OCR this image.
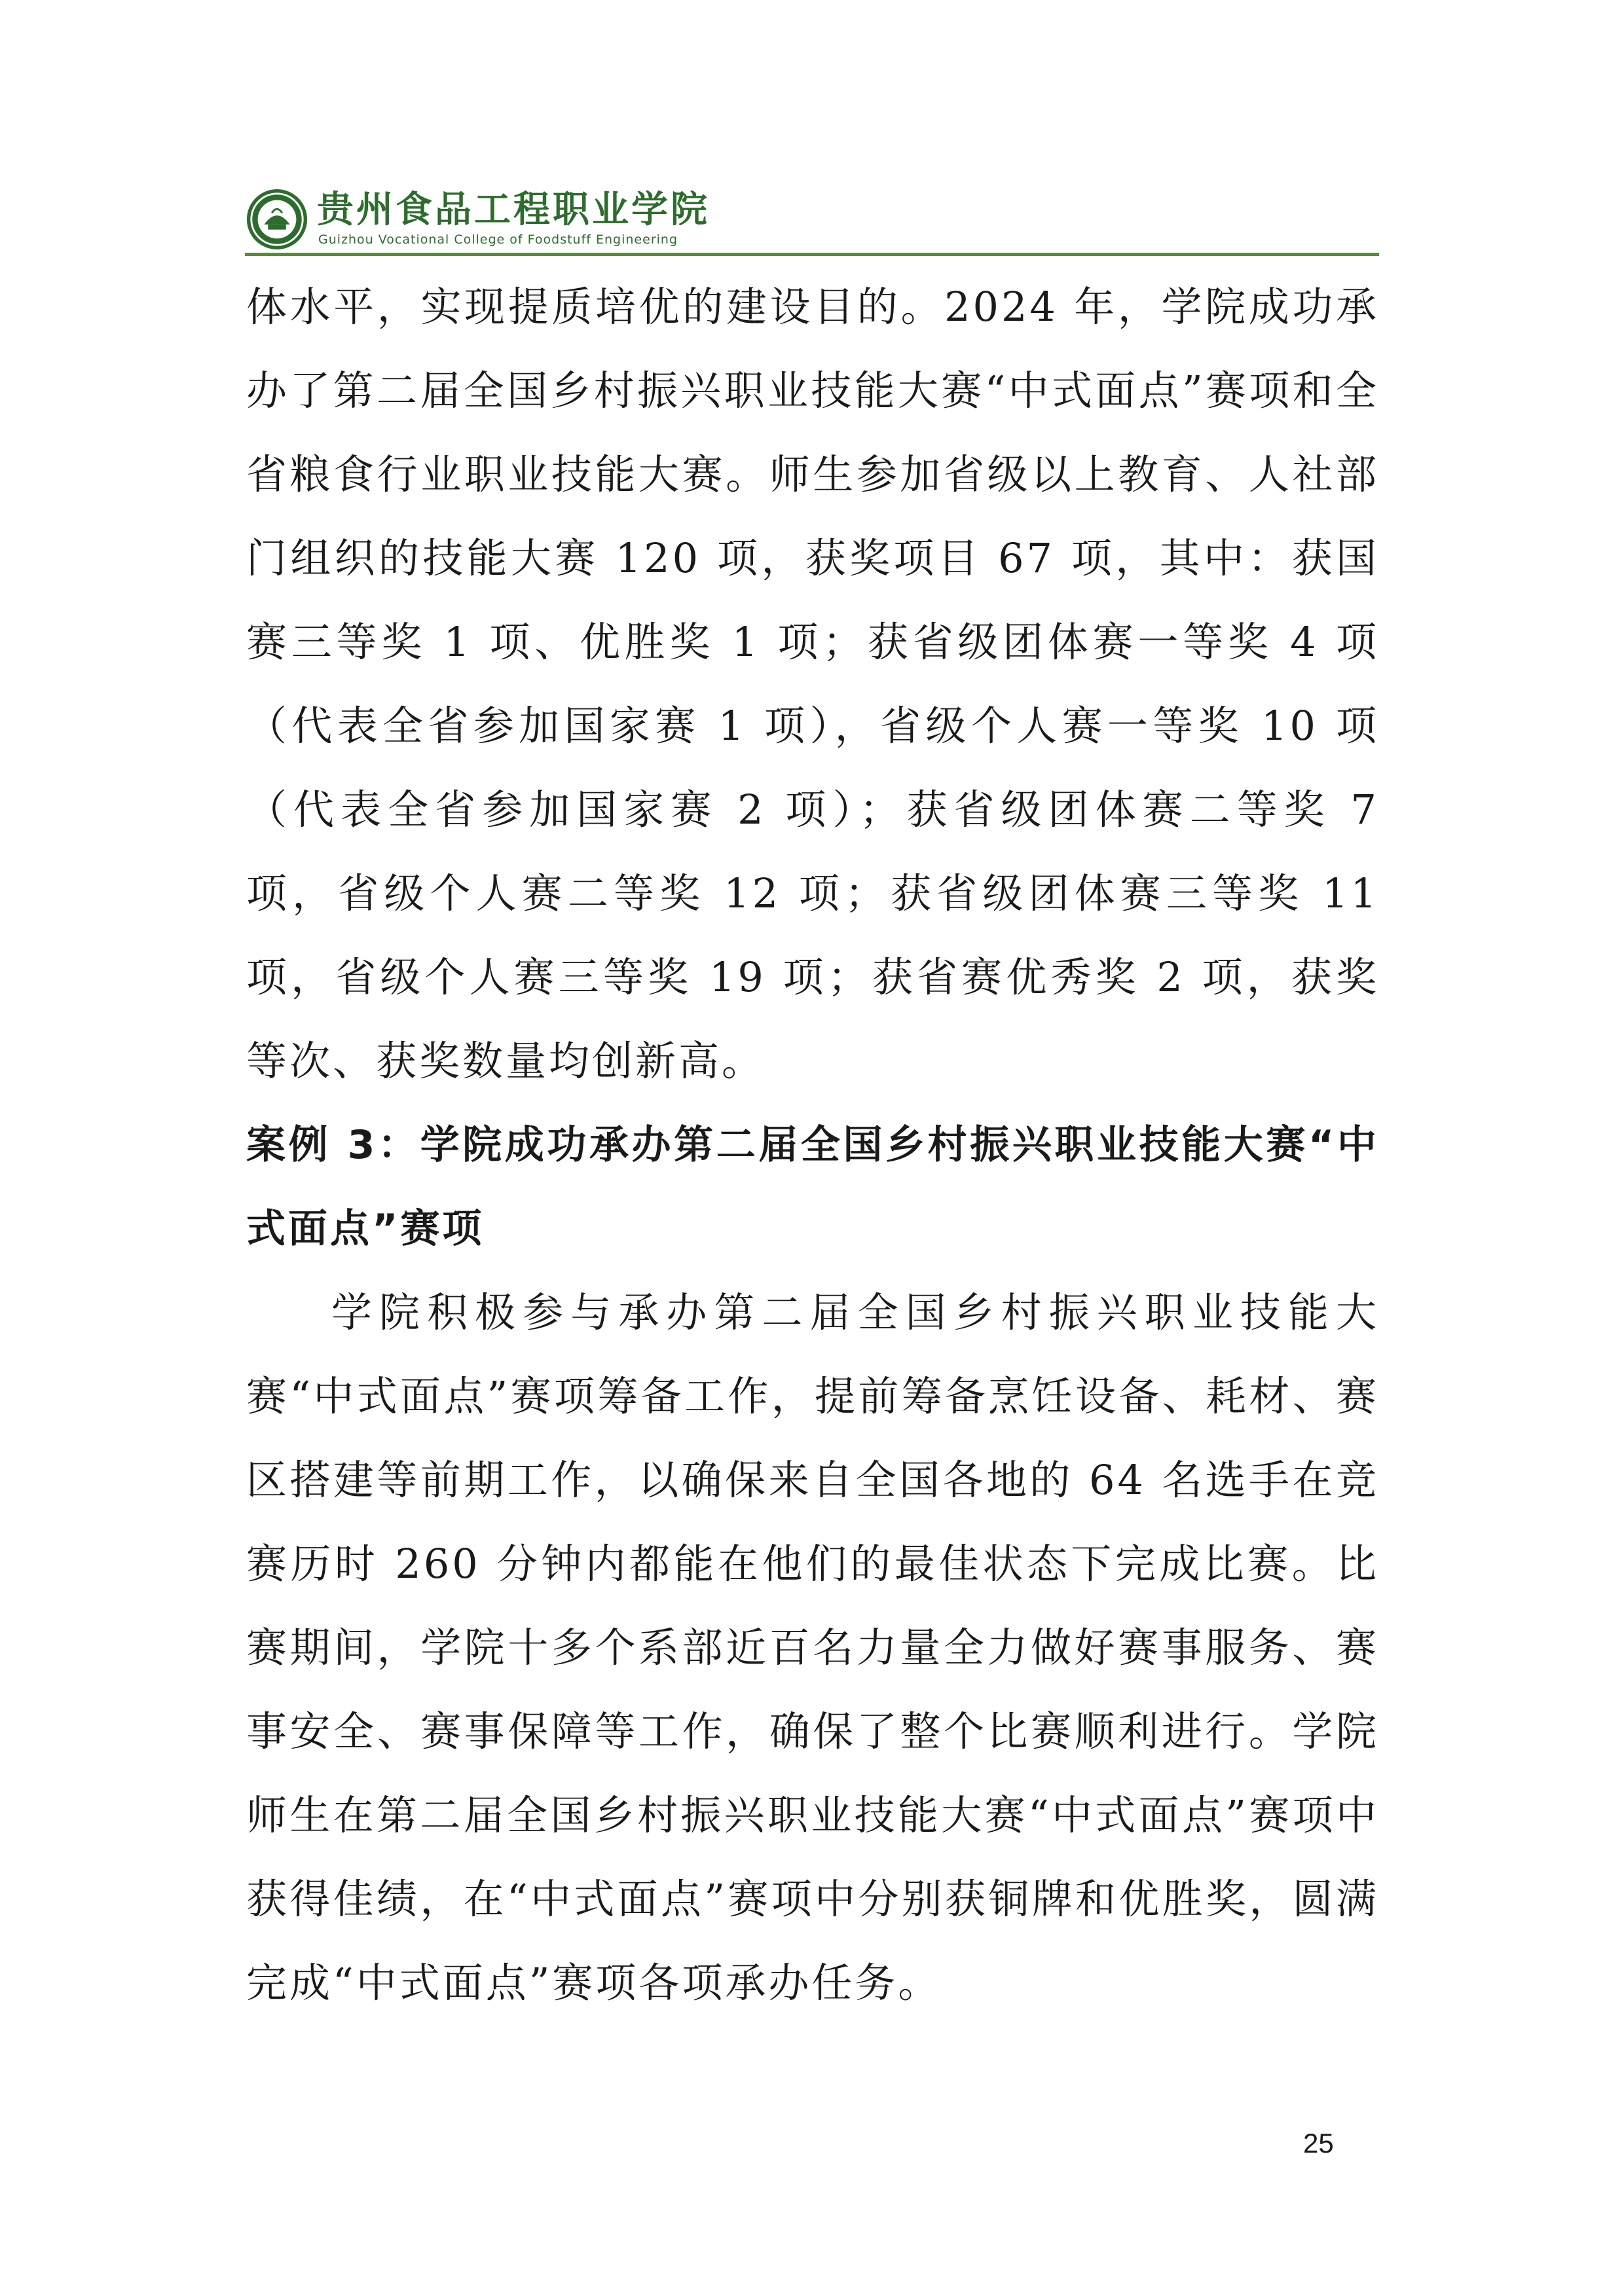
贵州食品工程职业学院
Guizhou Vocational College of Foodstuff Engineering

体水平，实现提质培优的建设目的。2024 年，学院成功承办了第二届全国乡村振兴职业技能大赛“中式面点”赛项和全省粮食行业职业技能大赛。师生参加省级以上教育、人社部门组织的技能大赛 120 项，获奖项目 67 项，其中：获国赛三等奖 1 项、优胜奖 1 项；获省级团体赛一等奖 4 项（代表全省参加国家赛 1 项），省级个人赛一等奖 10 项（代表全省参加国家赛 2 项）；获省级团体赛二等奖 7 项，省级个人赛二等奖 12 项；获省级团体赛三等奖 11 项，省级个人赛三等奖 19 项；获省赛优秀奖 2 项，获奖等次、获奖数量均创新高。

案例 3：学院成功承办第二届全国乡村振兴职业技能大赛“中式面点”赛项

学院积极参与承办第二届全国乡村振兴职业技能大赛“中式面点”赛项筹备工作，提前筹备烹饪设备、耗材、赛区搭建等前期工作，以确保来自全国各地的 64 名选手在竞赛历时 260 分钟内都能在他们的最佳状态下完成比赛。比赛期间，学院十多个系部近百名力量全力做好赛事服务、赛事安全、赛事保障等工作，确保了整个比赛顺利进行。学院师生在第二届全国乡村振兴职业技能大赛“中式面点”赛项中获得佳绩，在“中式面点”赛项中分别获铜牌和优胜奖，圆满完成“中式面点”赛项各项承办任务。

25
